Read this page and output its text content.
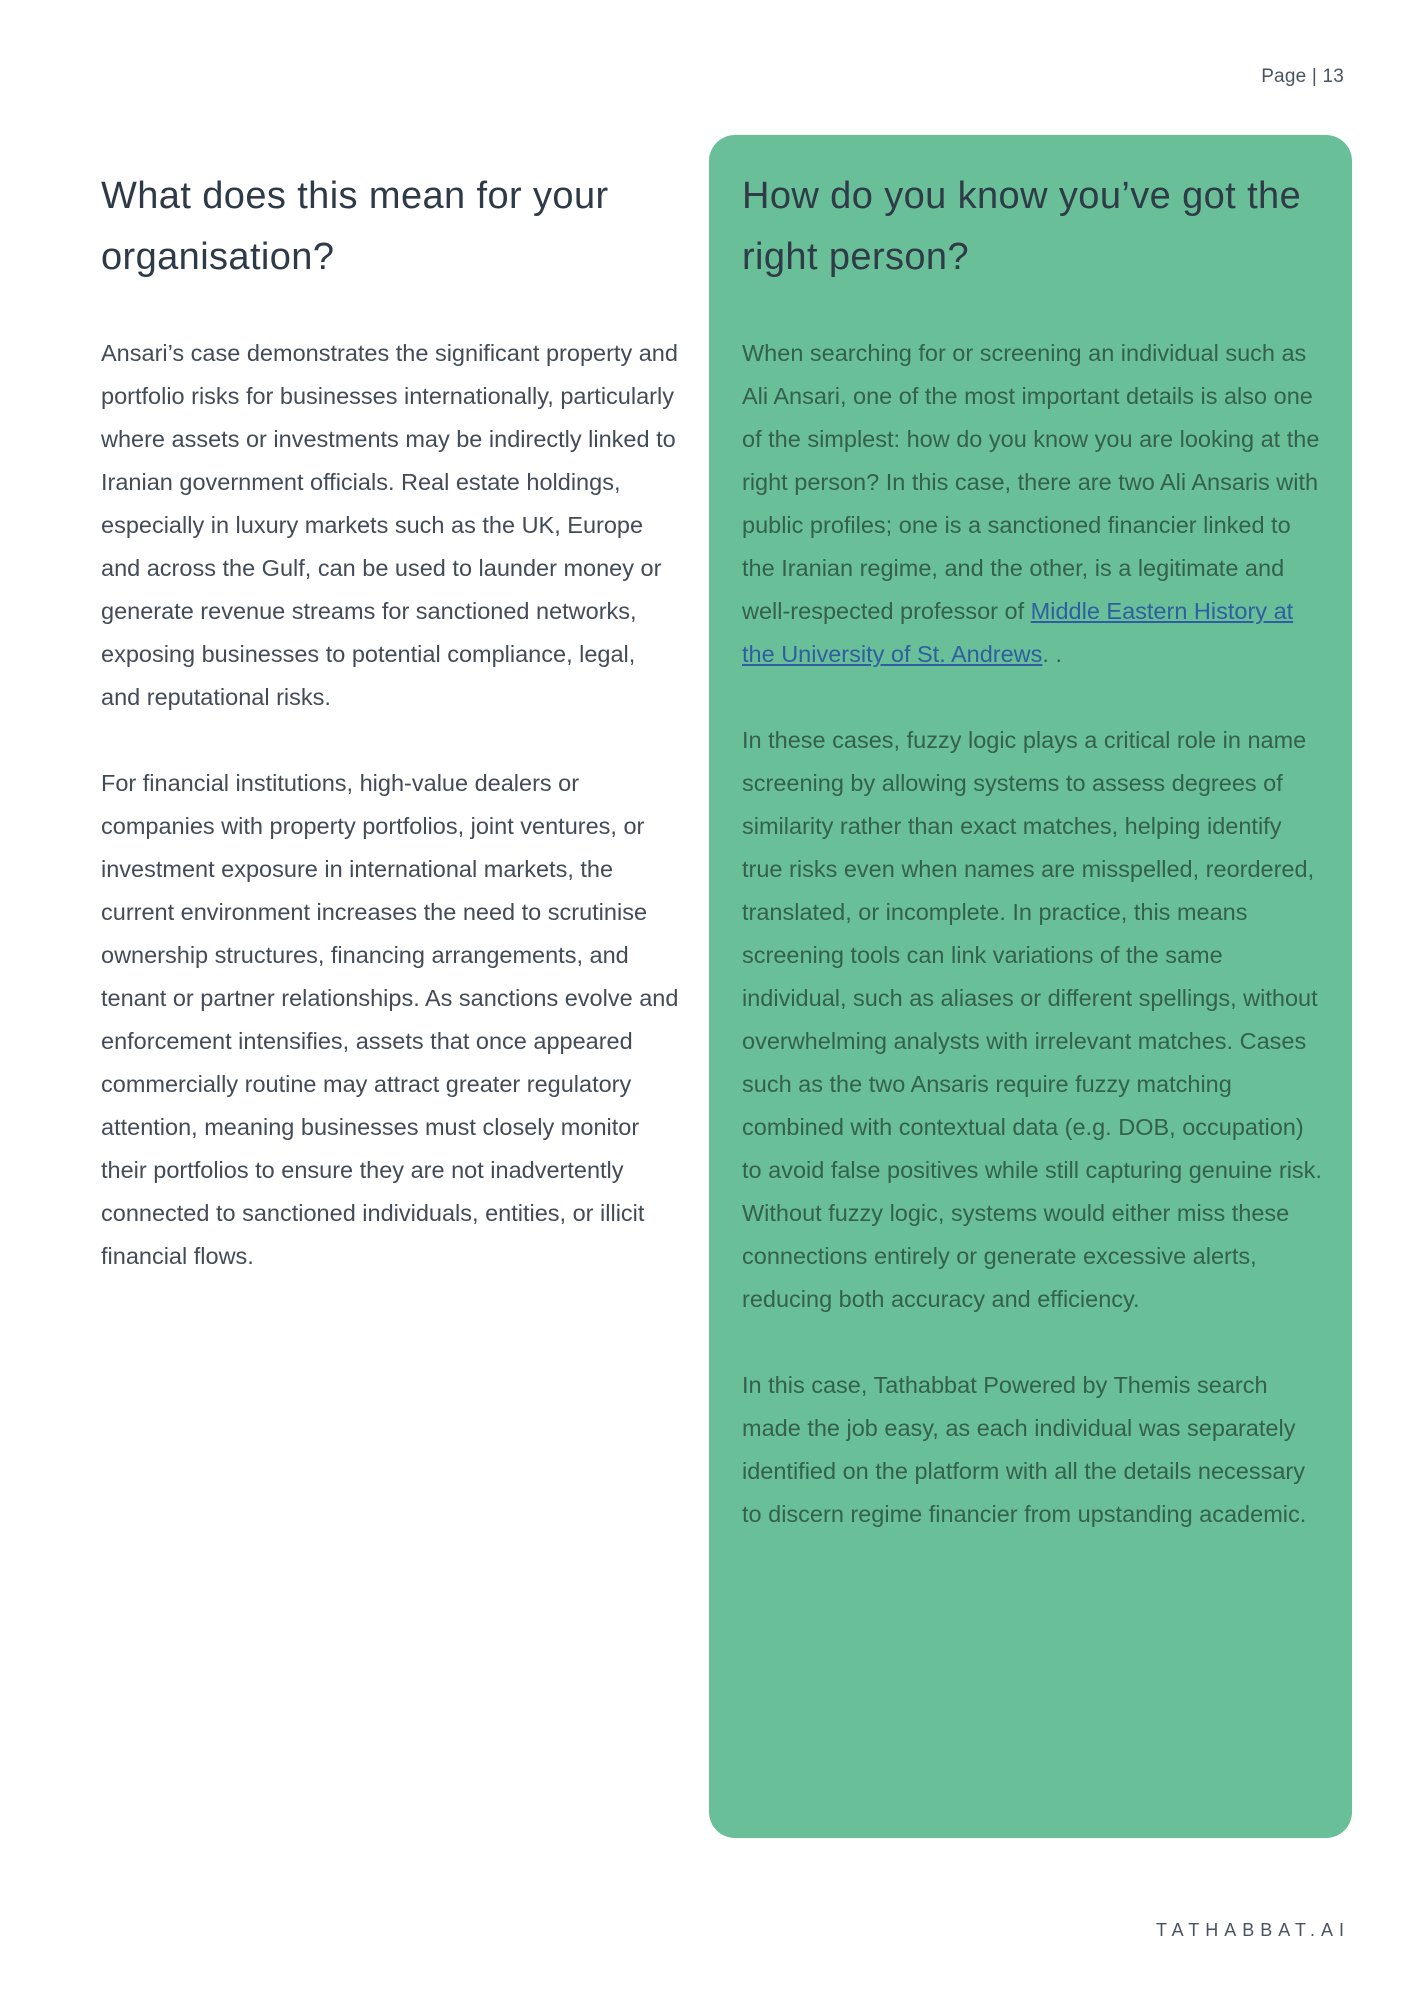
Page | 13
What does this mean for your organisation?

Ansari’s case demonstrates the significant property and portfolio risks for businesses internationally, particularly where assets or investments may be indirectly linked to Iranian government officials. Real estate holdings, especially in luxury markets such as the UK, Europe and across the Gulf, can be used to launder money or generate revenue streams for sanctioned networks, exposing businesses to potential compliance, legal, and reputational risks.

For financial institutions, high-value dealers or companies with property portfolios, joint ventures, or investment exposure in international markets, the current environment increases the need to scrutinise ownership structures, financing arrangements, and tenant or partner relationships. As sanctions evolve and enforcement intensifies, assets that once appeared commercially routine may attract greater regulatory attention, meaning businesses must closely monitor their portfolios to ensure they are not inadvertently connected to sanctioned individuals, entities, or illicit financial flows.

How do you know you’ve got the right person?

When searching for or screening an individual such as Ali Ansari, one of the most important details is also one of the simplest: how do you know you are looking at the right person? In this case, there are two Ali Ansaris with public profiles; one is a sanctioned financier linked to the Iranian regime, and the other, is a legitimate and well-respected professor of Middle Eastern History at the University of St. Andrews. .

In these cases, fuzzy logic plays a critical role in name screening by allowing systems to assess degrees of similarity rather than exact matches, helping identify true risks even when names are misspelled, reordered, translated, or incomplete. In practice, this means screening tools can link variations of the same individual, such as aliases or different spellings, without overwhelming analysts with irrelevant matches. Cases such as the two Ansaris require fuzzy matching combined with contextual data (e.g. DOB, occupation) to avoid false positives while still capturing genuine risk. Without fuzzy logic, systems would either miss these connections entirely or generate excessive alerts, reducing both accuracy and efficiency.

In this case, Tathabbat Powered by Themis search made the job easy, as each individual was separately identified on the platform with all the details necessary to discern regime financier from upstanding academic.

TATHABBAT.AI
